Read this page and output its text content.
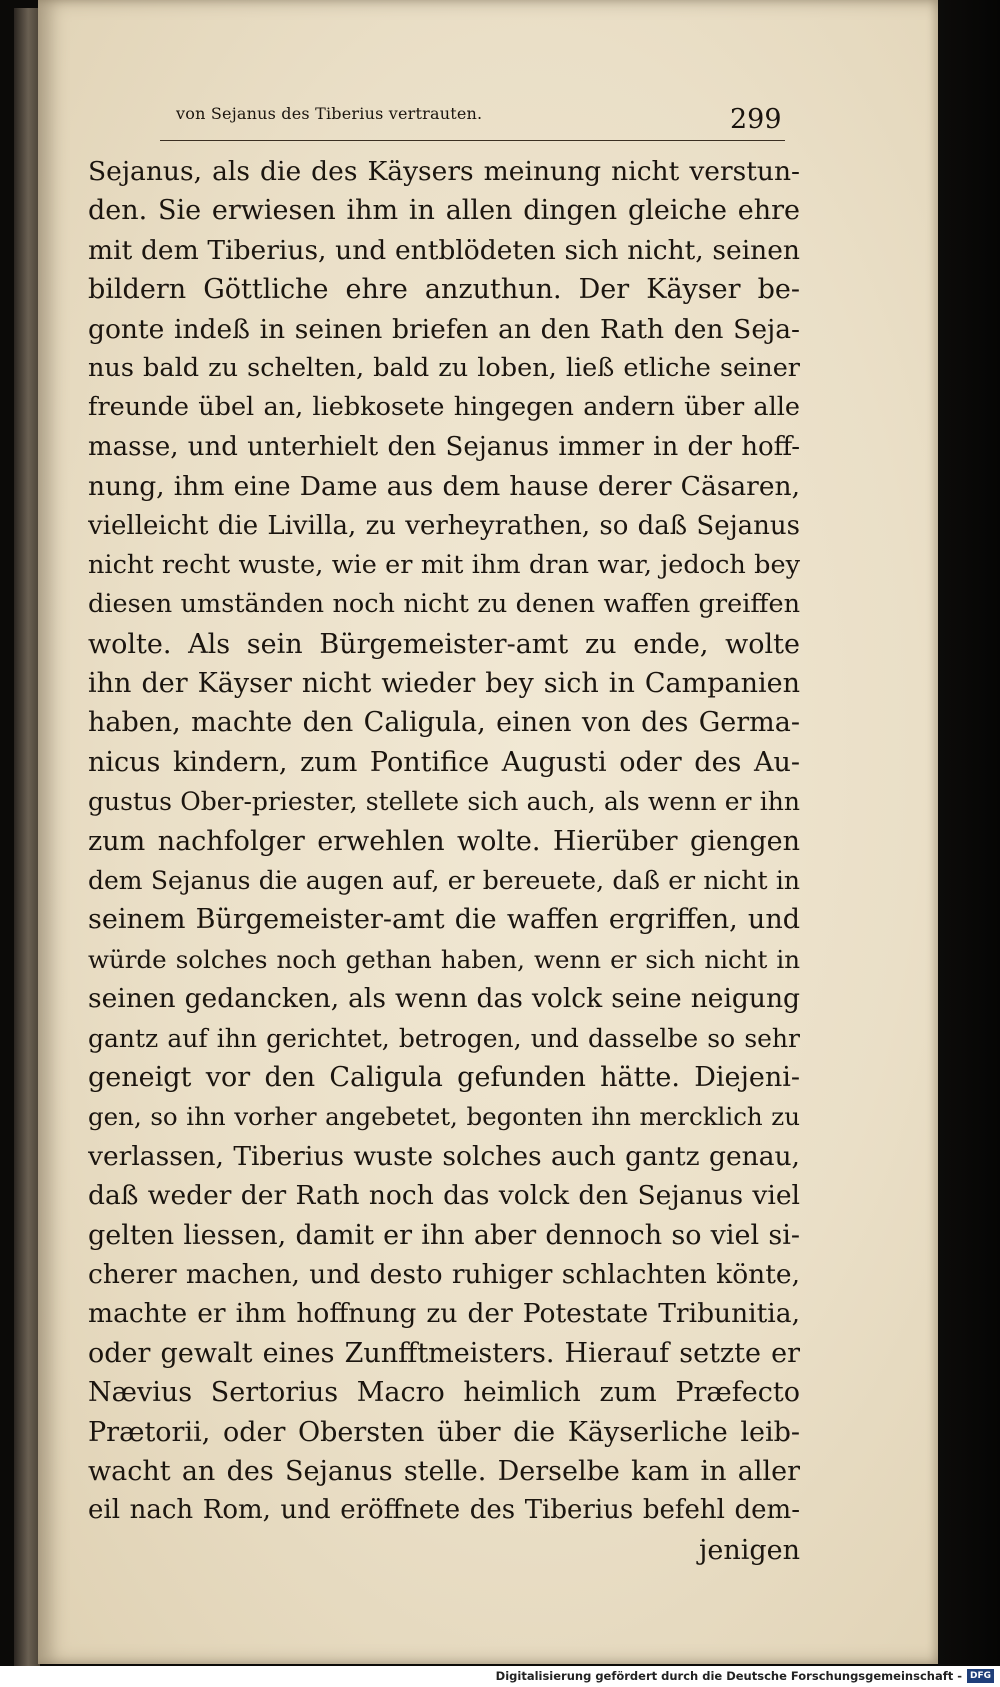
von Sejanus des Tiberius vertrauten.	299
Sejanus, als die des Käysers meinung nicht verstun-
den. Sie erwiesen ihm in allen dingen gleiche ehre
mit dem Tiberius, und entblödeten sich nicht, seinen
bildern Göttliche ehre anzuthun. Der Käyser be-
gonte indeß in seinen briefen an den Rath den Seja-
nus bald zu schelten, bald zu loben, ließ etliche seiner
freunde übel an, liebkosete hingegen andern über alle
masse, und unterhielt den Sejanus immer in der hoff-
nung, ihm eine Dame aus dem hause derer Cäsaren,
vielleicht die Livilla, zu verheyrathen, so daß Sejanus
nicht recht wuste, wie er mit ihm dran war, jedoch bey
diesen umständen noch nicht zu denen waffen greiffen
wolte. Als sein Bürgemeister-amt zu ende, wolte
ihn der Käyser nicht wieder bey sich in Campanien
haben, machte den Caligula, einen von des Germa-
nicus kindern, zum Pontifice Augusti oder des Au-
gustus Ober-priester, stellete sich auch, als wenn er ihn
zum nachfolger erwehlen wolte. Hierüber giengen
dem Sejanus die augen auf, er bereuete, daß er nicht in
seinem Bürgemeister-amt die waffen ergriffen, und
würde solches noch gethan haben, wenn er sich nicht in
seinen gedancken, als wenn das volck seine neigung
gantz auf ihn gerichtet, betrogen, und dasselbe so sehr
geneigt vor den Caligula gefunden hätte. Diejeni-
gen, so ihn vorher angebetet, begonten ihn mercklich zu
verlassen, Tiberius wuste solches auch gantz genau,
daß weder der Rath noch das volck den Sejanus viel
gelten liessen, damit er ihn aber dennoch so viel si-
cherer machen, und desto ruhiger schlachten könte,
machte er ihm hoffnung zu der Potestate Tribunitia,
oder gewalt eines Zunfftmeisters. Hierauf setzte er
Nævius Sertorius Macro heimlich zum Præfecto
Prætorii, oder Obersten über die Käyserliche leib-
wacht an des Sejanus stelle. Derselbe kam in aller
eil nach Rom, und eröffnete des Tiberius befehl dem-
jenigen
Digitalisierung gefördert durch die Deutsche Forschungsgemeinschaft - DFG
